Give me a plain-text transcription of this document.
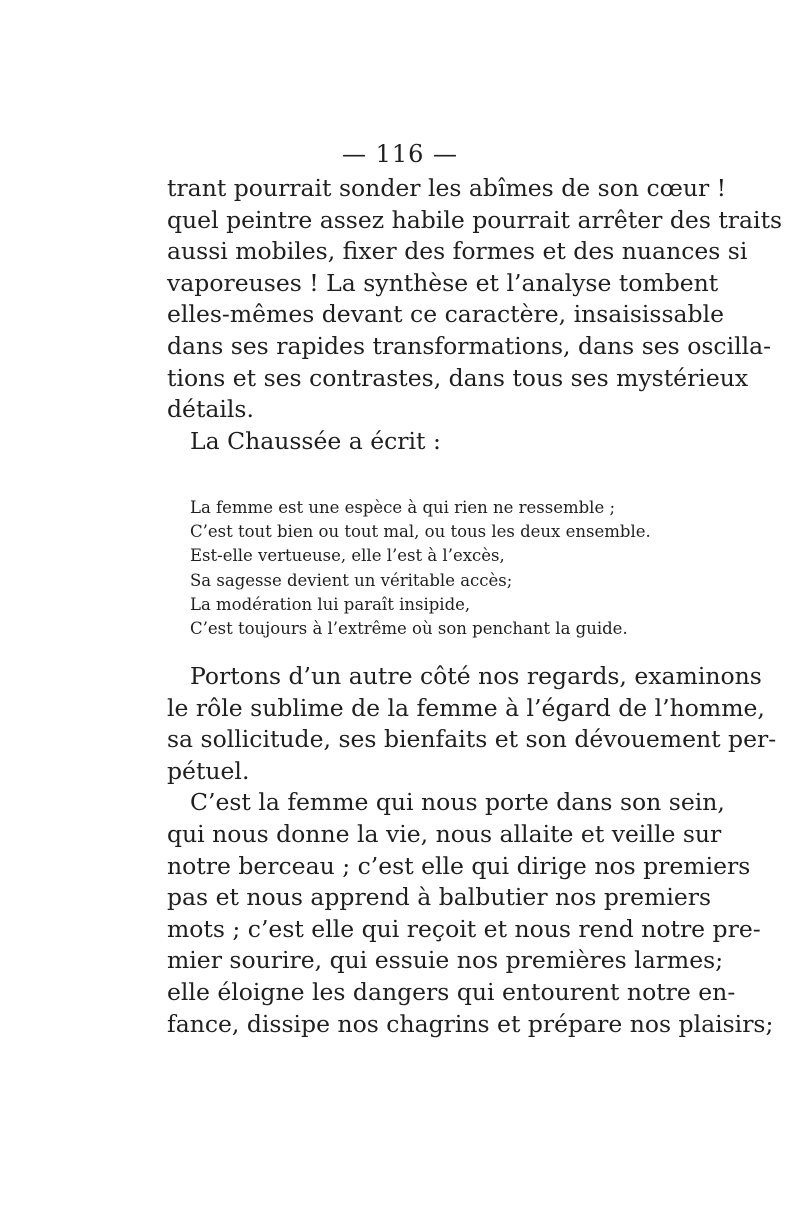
— 116 —
trant pourrait sonder les abîmes de son cœur !
quel peintre assez habile pourrait arrêter des traits
aussi mobiles, fixer des formes et des nuances si
vaporeuses ! La synthèse et l’analyse tombent
elles-mêmes devant ce caractère, insaisissable
dans ses rapides transformations, dans ses oscilla-
tions et ses contrastes, dans tous ses mystérieux
détails.
La Chaussée a écrit :
La femme est une espèce à qui rien ne ressemble ;
C’est tout bien ou tout mal, ou tous les deux ensemble.
Est-elle vertueuse, elle l’est à l’excès,
Sa sagesse devient un véritable accès;
La modération lui paraît insipide,
C’est toujours à l’extrême où son penchant la guide.
Portons d’un autre côté nos regards, examinons
le rôle sublime de la femme à l’égard de l’homme,
sa sollicitude, ses bienfaits et son dévouement per-
pétuel.
C’est la femme qui nous porte dans son sein,
qui nous donne la vie, nous allaite et veille sur
notre berceau ; c’est elle qui dirige nos premiers
pas et nous apprend à balbutier nos premiers
mots ; c’est elle qui reçoit et nous rend notre pre-
mier sourire, qui essuie nos premières larmes;
elle éloigne les dangers qui entourent notre en-
fance, dissipe nos chagrins et prépare nos plaisirs;
